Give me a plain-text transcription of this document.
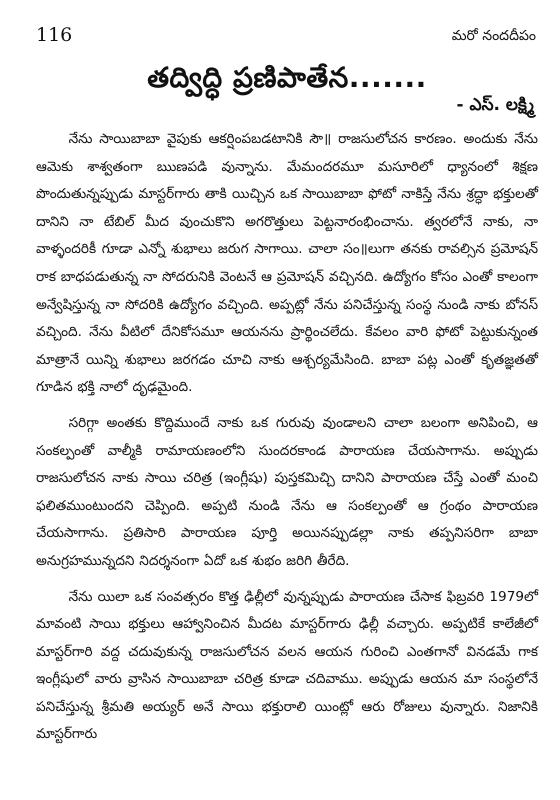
116	మరో నందదీపం
తద్విద్ధి ప్రణిపాతేన.......
- ఎస్. లక్ష్మి

నేను సాయిబాబా వైపుకు ఆకర్షింపబడటానికి సౌ॥ రాజసులోచన కారణం. అందుకు నేను ఆమెకు శాశ్వతంగా ఋణపడి వున్నాను. మేమందరమూ మసూరిలో ధ్యానంలో శిక్షణ పొందుతున్నప్పుడు మాస్టర్‌గారు తాకి యిచ్చిన ఒక సాయిబాబా ఫోటో నాకిస్తే నేను శ్రద్ధా భక్తులతో దానిని నా టేబిల్ మీద వుంచుకొని అగరొత్తులు పెట్టనారంభించాను. త్వరలోనే నాకు, నా వాళ్ళందరికీ గూడా ఎన్నో శుభాలు జరుగ సాగాయి. చాలా సం॥లుగా తనకు రావల్సిన ప్రమోషన్ రాక బాధపడుతున్న నా సోదరునికి వెంటనే ఆ ప్రమోషన్ వచ్చినది. ఉద్యోగం కోసం ఎంతో కాలంగా అన్వేషిస్తున్న నా సోదరికి ఉద్యోగం వచ్చింది. అప్పట్లో నేను పనిచేస్తున్న సంస్థ నుండి నాకు బోనస్ వచ్చింది. నేను వీటిలో దేనికోసమూ ఆయనను ప్రార్థించలేదు. కేవలం వారి ఫోటో పెట్టుకున్నంత మాత్రానే యిన్ని శుభాలు జరగడం చూచి నాకు ఆశ్చర్యమేసింది. బాబా పట్ల ఎంతో కృతజ్ఞతతో గూడిన భక్తి నాలో దృఢమైంది.

సరిగ్గా అంతకు కొద్దిముందే నాకు ఒక గురువు వుండాలని చాలా బలంగా అనిపించి, ఆ సంకల్పంతో వాల్మీకి రామాయణంలోని సుందరకాండ పారాయణ చేయసాగాను. అప్పుడు రాజసులోచన నాకు సాయి చరిత్ర (ఇంగ్లీషు) పుస్తకమిచ్చి దానిని పారాయణ చేస్తే ఎంతో మంచి ఫలితముంటుందని చెప్పింది. అప్పటి నుండి నేను ఆ సంకల్పంతో ఆ గ్రంథం పారాయణ చేయసాగాను. ప్రతిసారి పారాయణ పూర్తి అయినప్పుడల్లా నాకు తప్పనిసరిగా బాబా అనుగ్రహమున్నదని నిదర్శనంగా ఏదో ఒక శుభం జరిగి తీరేది.

నేను యిలా ఒక సంవత్సరం కొత్త ఢిల్లీలో వున్నప్పుడు పారాయణ చేసాక ఫిబ్రవరి 1979లో మావంటి సాయి భక్తులు ఆహ్వానించిన మీదట మాస్టర్‌గారు ఢిల్లీ వచ్చారు. అప్పటికే కాలేజీలో మాస్టర్‌గారి వద్ద చదువుకున్న రాజసులోచన వలన ఆయన గురించి ఎంతగానో వినడమే గాక ఇంగ్లీషులో వారు వ్రాసిన సాయిబాబా చరిత్ర కూడా చదివాము. అప్పుడు ఆయన మా సంస్థలోనే పనిచేస్తున్న శ్రీమతి అయ్యర్ అనే సాయి భక్తురాలి యింట్లో ఆరు రోజులు వున్నారు. నిజానికి మాస్టర్‌గారు
